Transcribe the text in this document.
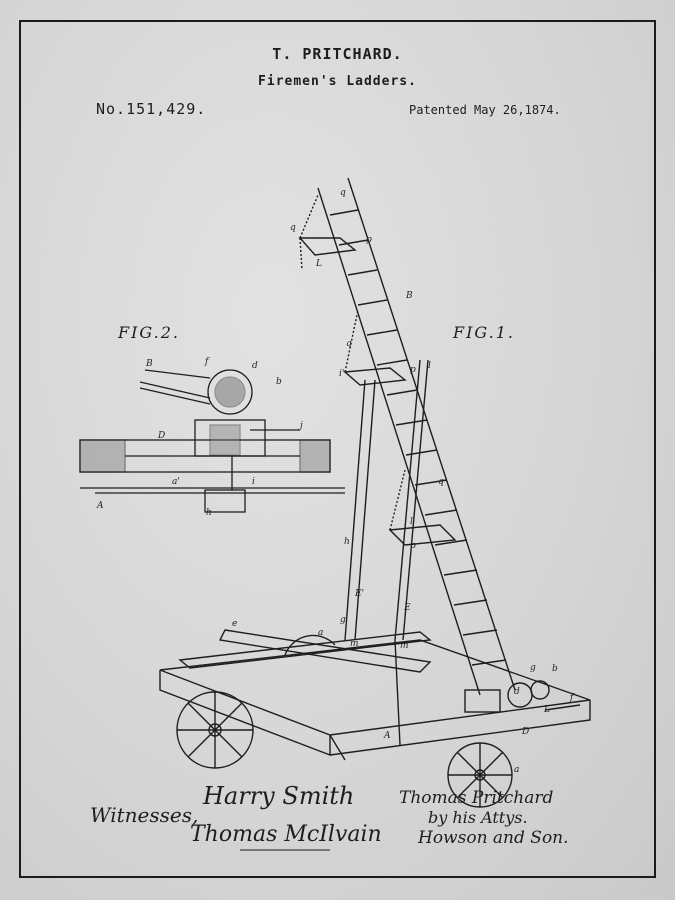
T. PRITCHARD.
Firemen's Ladders.
No.151,429.	Patented May 26,1874.
FIG.2.	FIG.1.
B	f	d
b
D
j
a'	i
A
h
q
q
p
L
B
q
l
i'	p
q
l'
h	p
E'
E
g
e
a
m	m
A
d
b
g
f
D
a
L
Witnesses,
Harry Smith
Thomas McIlvain
Thomas Pritchard
by his Attys.
Howson and Son.
